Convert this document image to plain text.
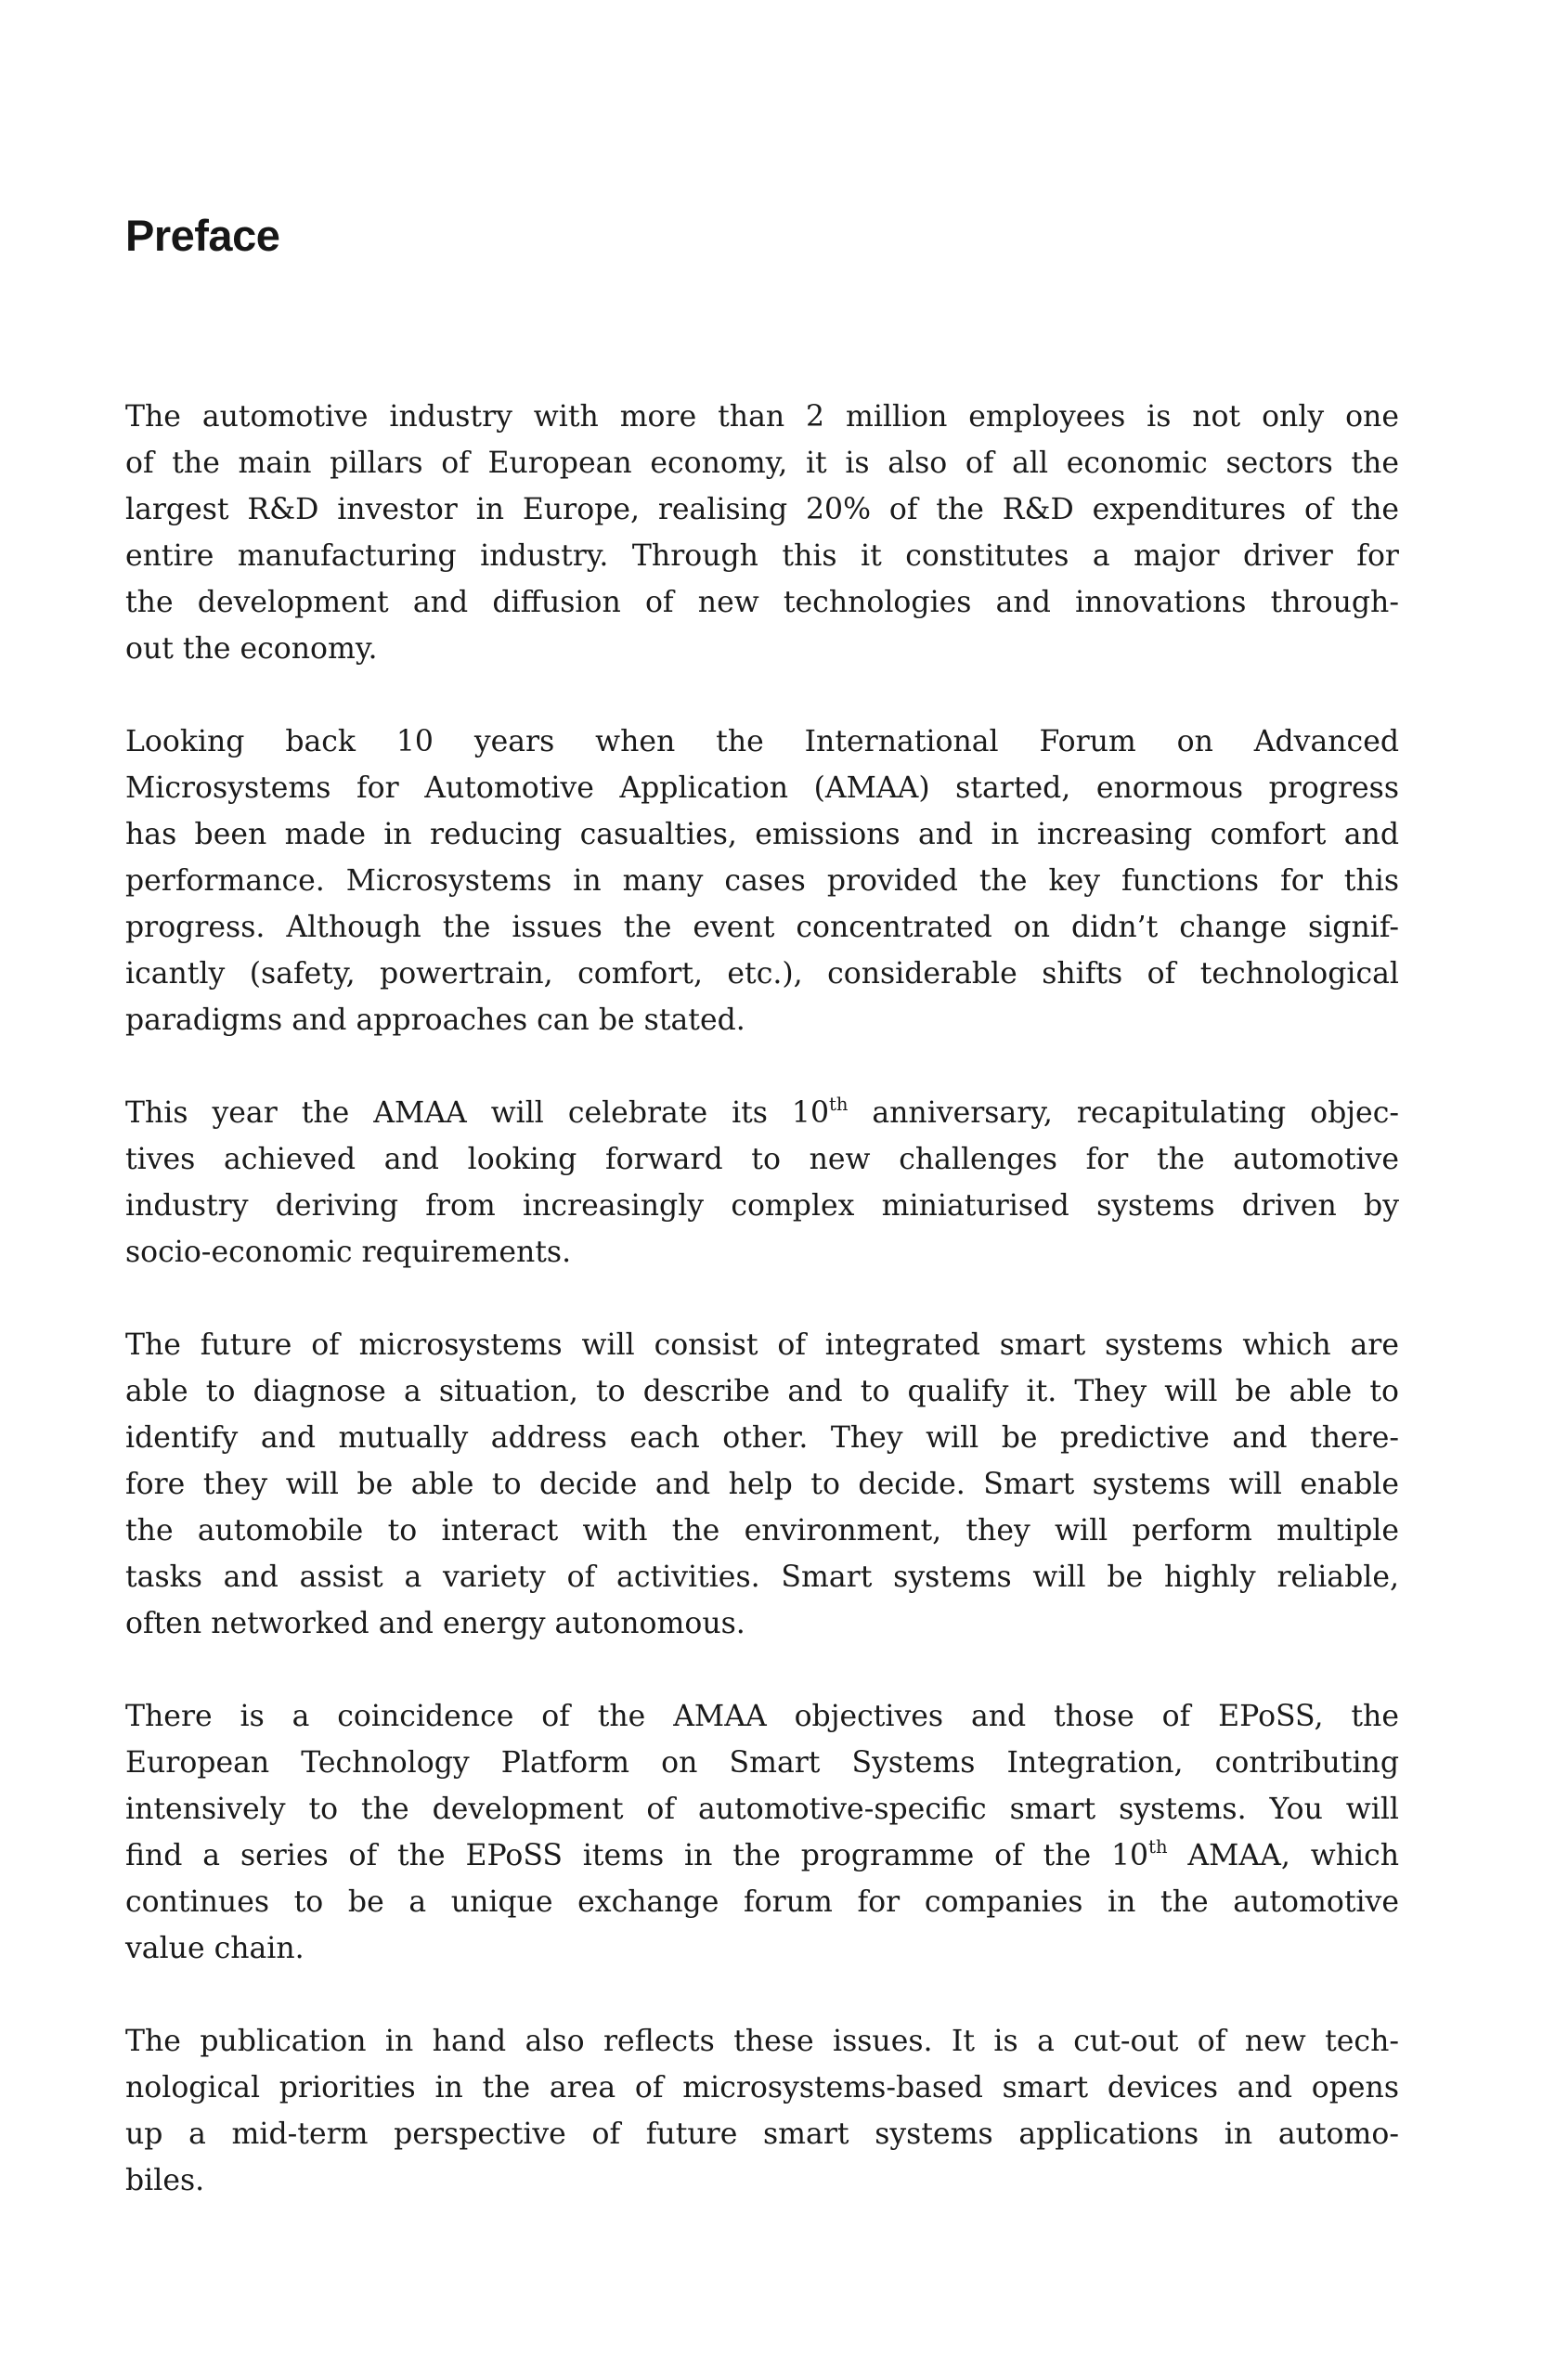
Preface

The automotive industry with more than 2 million employees is not only one
of the main pillars of European economy, it is also of all economic sectors the
largest R&D investor in Europe, realising 20% of the R&D expenditures of the
entire manufacturing industry. Through this it constitutes a major driver for
the development and diffusion of new technologies and innovations through-
out the economy.

Looking back 10 years when the International Forum on Advanced
Microsystems for Automotive Application (AMAA) started, enormous progress
has been made in reducing casualties, emissions and in increasing comfort and
performance. Microsystems in many cases provided the key functions for this
progress. Although the issues the event concentrated on didn’t change signif-
icantly (safety, powertrain, comfort, etc.), considerable shifts of technological
paradigms and approaches can be stated.

This year the AMAA will celebrate its 10th anniversary, recapitulating objec-
tives achieved and looking forward to new challenges for the automotive
industry deriving from increasingly complex miniaturised systems driven by
socio-economic requirements.

The future of microsystems will consist of integrated smart systems which are
able to diagnose a situation, to describe and to qualify it. They will be able to
identify and mutually address each other. They will be predictive and there-
fore they will be able to decide and help to decide. Smart systems will enable
the automobile to interact with the environment, they will perform multiple
tasks and assist a variety of activities. Smart systems will be highly reliable,
often networked and energy autonomous.

There is a coincidence of the AMAA objectives and those of EPoSS, the
European Technology Platform on Smart Systems Integration, contributing
intensively to the development of automotive-specific smart systems. You will
find a series of the EPoSS items in the programme of the 10th AMAA, which
continues to be a unique exchange forum for companies in the automotive
value chain.

The publication in hand also reflects these issues. It is a cut-out of new tech-
nological priorities in the area of microsystems-based smart devices and opens
up a mid-term perspective of future smart systems applications in automo-
biles.
